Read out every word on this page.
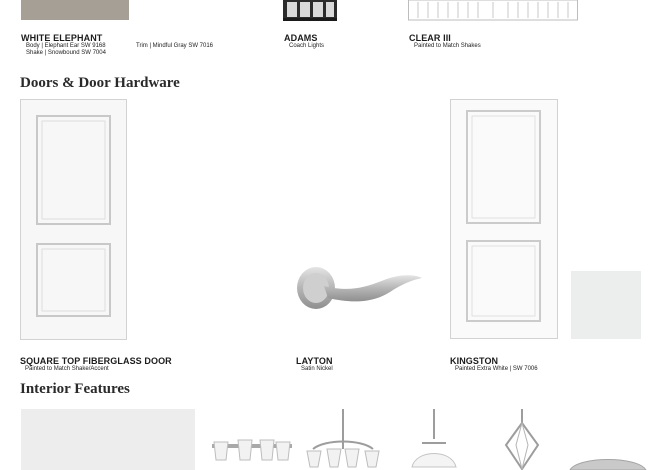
WHITE ELEPHANT
Body | Elephant Ear SW 9168
Shake | Snowbound SW 7004
Trim | Mindful Gray SW 7016
ADAMS
Coach Lights
CLEAR III
Painted to Match Shakes
Doors & Door Hardware
SQUARE TOP FIBERGLASS DOOR
Painted to Match Shake/Accent
LAYTON
Satin Nickel
KINGSTON
Painted Extra White | SW 7006
Interior Features
